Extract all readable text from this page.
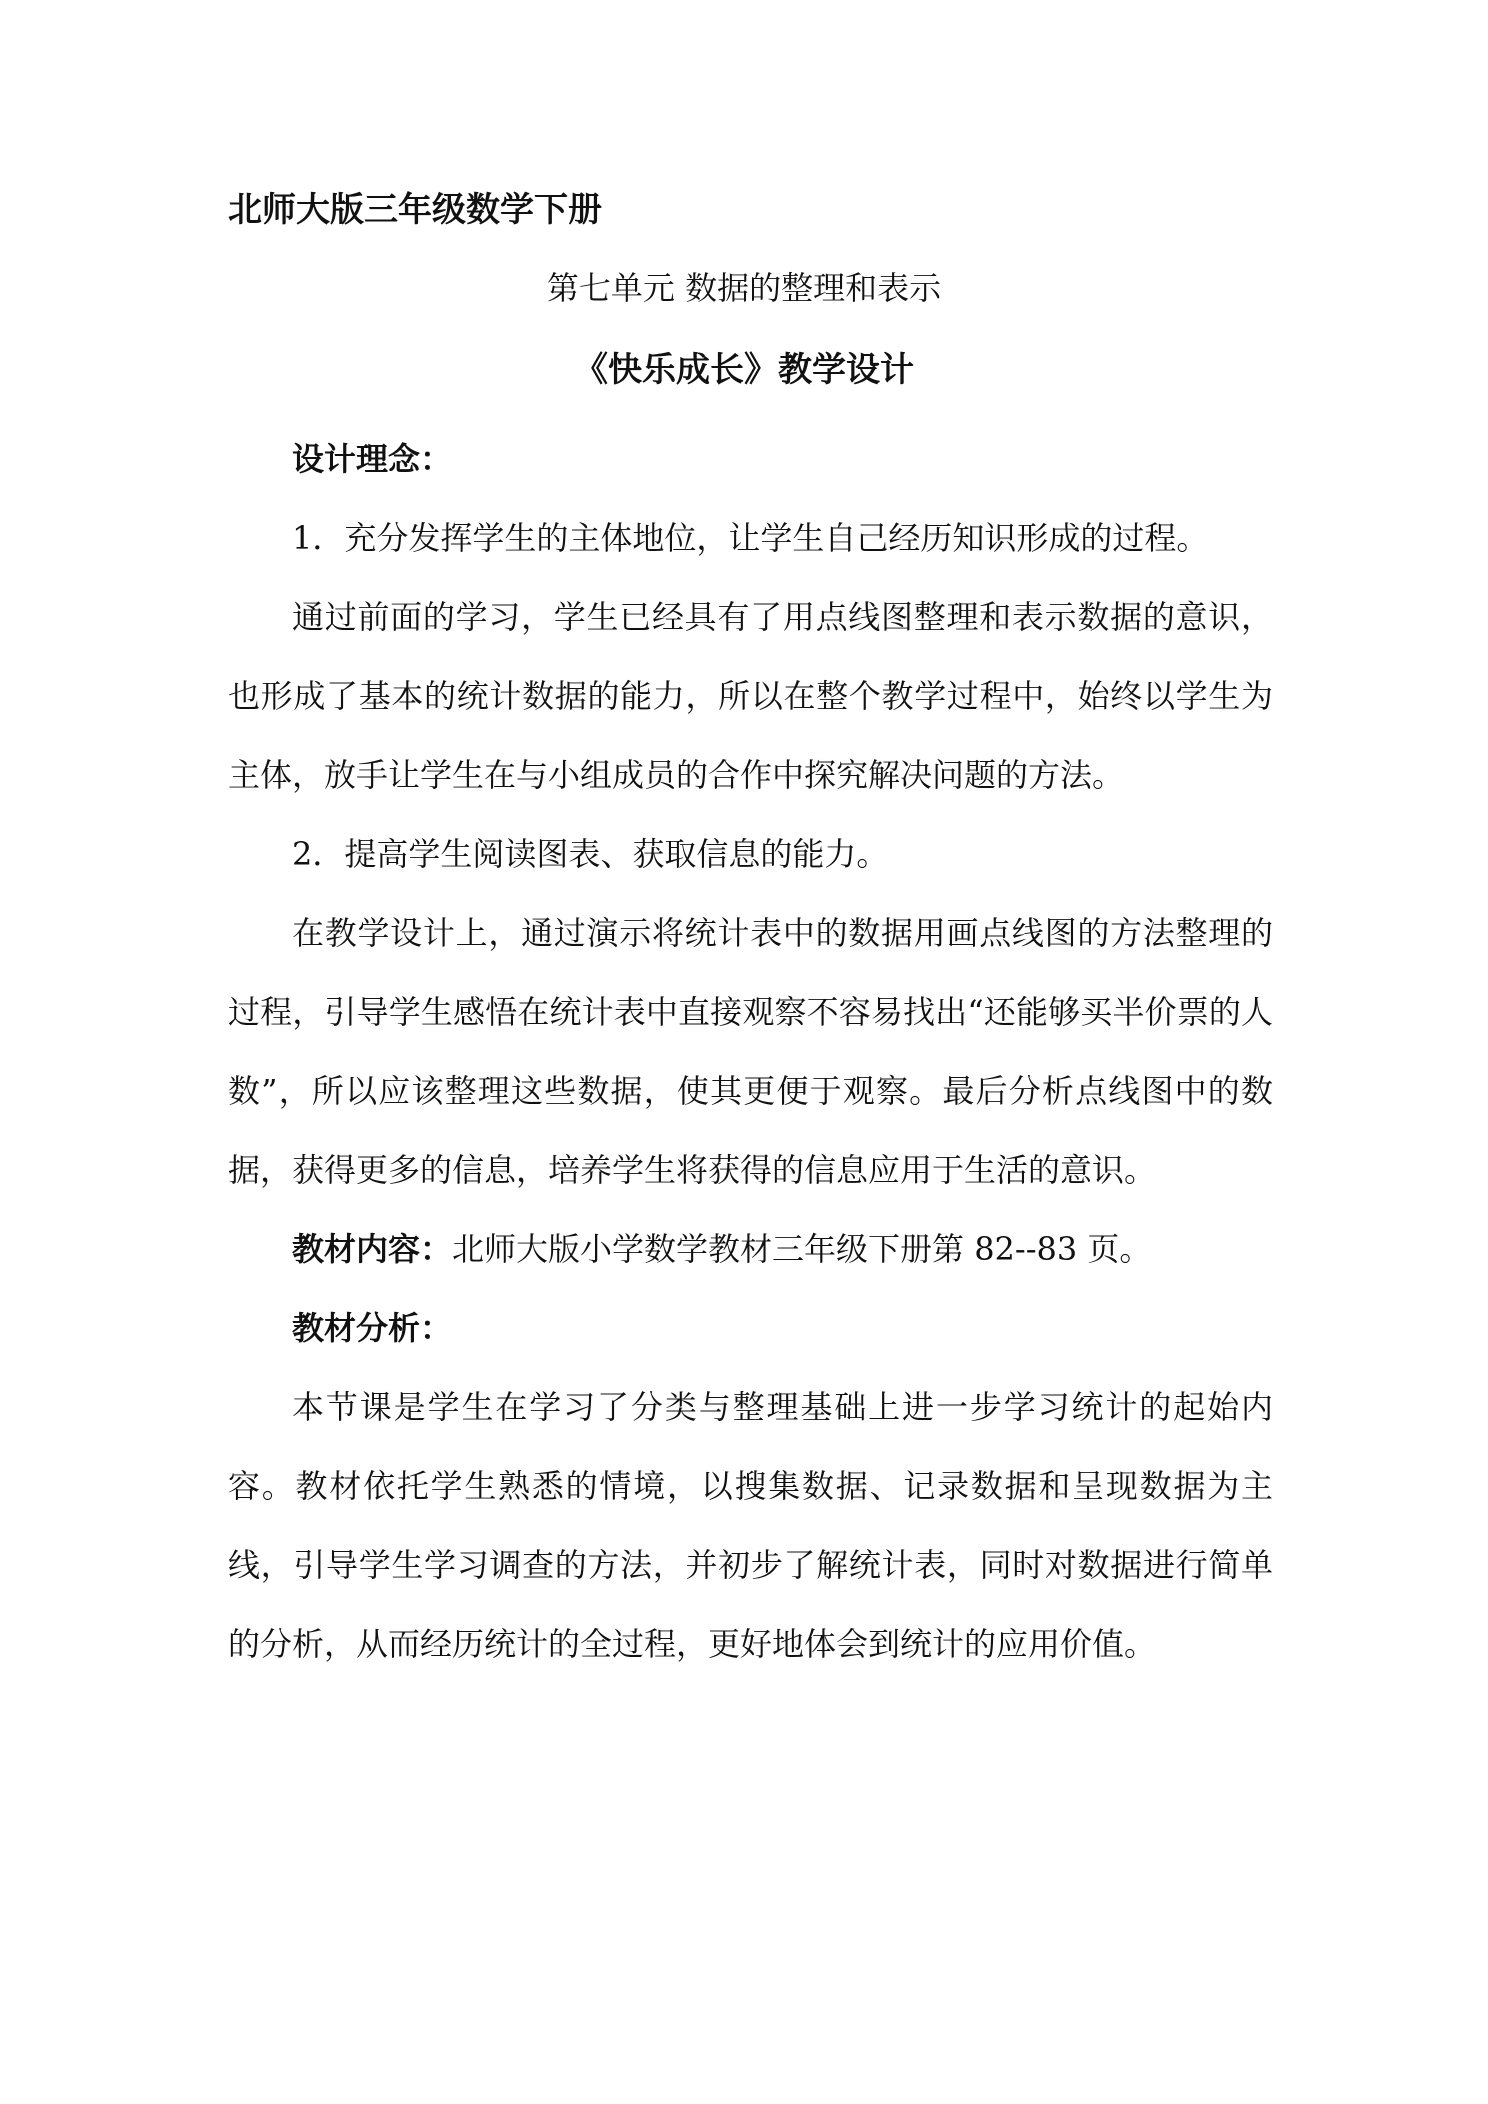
北师大版三年级数学下册
第七单元 数据的整理和表示
《快乐成长》教学设计

设计理念：

1．充分发挥学生的主体地位，让学生自己经历知识形成的过程。

通过前面的学习，学生已经具有了用点线图整理和表示数据的意识，也形成了基本的统计数据的能力，所以在整个教学过程中，始终以学生为主体，放手让学生在与小组成员的合作中探究解决问题的方法。

2．提高学生阅读图表、获取信息的能力。

在教学设计上，通过演示将统计表中的数据用画点线图的方法整理的过程，引导学生感悟在统计表中直接观察不容易找出“还能够买半价票的人数”，所以应该整理这些数据，使其更便于观察。最后分析点线图中的数据，获得更多的信息，培养学生将获得的信息应用于生活的意识。

教材内容：北师大版小学数学教材三年级下册第 82--83 页。

教材分析：

本节课是学生在学习了分类与整理基础上进一步学习统计的起始内容。教材依托学生熟悉的情境，以搜集数据、记录数据和呈现数据为主线，引导学生学习调查的方法，并初步了解统计表，同时对数据进行简单的分析，从而经历统计的全过程，更好地体会到统计的应用价值。
